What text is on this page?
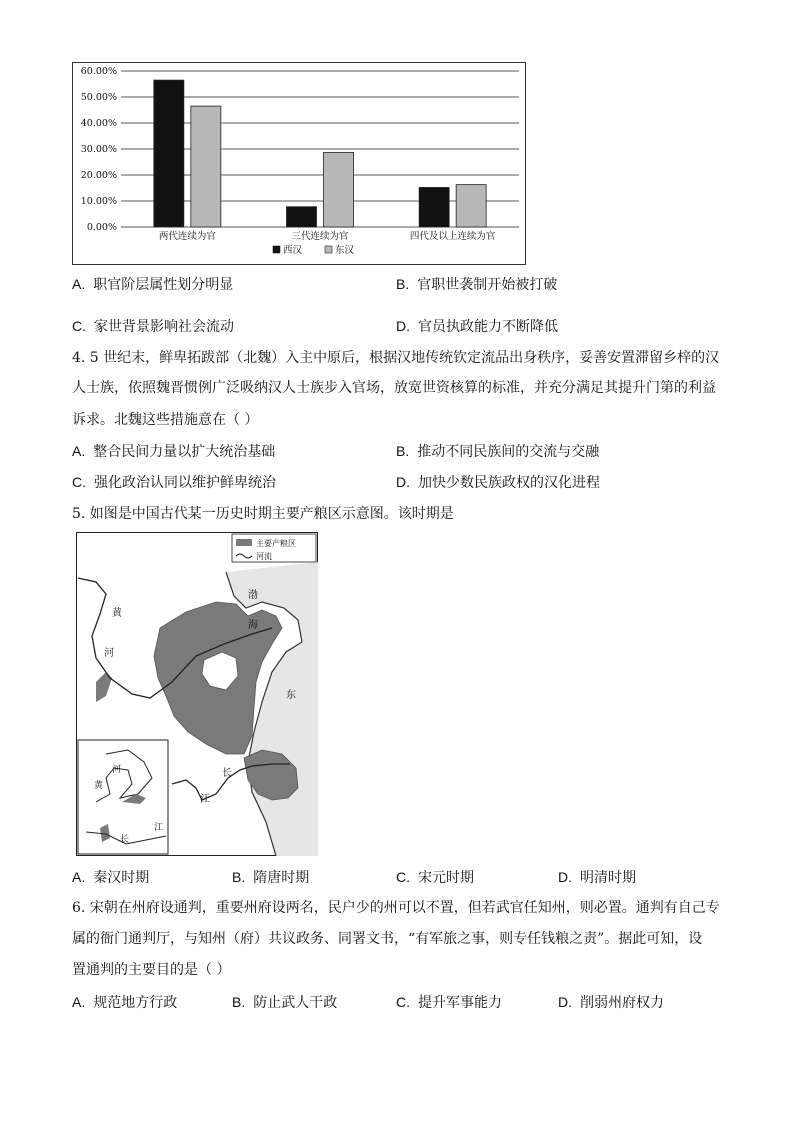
60.00%
50.00%
40.00%
30.00%
20.00%
10.00%
0.00%
两代连续为官	三代连续为官	四代及以上连续为官
西汉	东汉
A. 职官阶层属性划分明显	B. 官职世袭制开始被打破
C. 家世背景影响社会流动	D. 官员执政能力不断降低
4. 5 世纪末，鲜卑拓跋部（北魏）入主中原后，根据汉地传统钦定流品出身秩序，妥善安置滞留乡梓的汉
人士族，依照魏晋惯例广泛吸纳汉人士族步入官场，放宽世资核算的标准，并充分满足其提升门第的利益
诉求。北魏这些措施意在（ ）
A. 整合民间力量以扩大统治基础	B. 推动不同民族间的交流与交融
C. 强化政治认同以维护鲜卑统治	D. 加快少数民族政权的汉化进程
5. 如图是中国古代某一历史时期主要产粮区示意图。该时期是
主要产粮区
河流
渤
海
东
黄
河
长
江
河
黄
长
江
A. 秦汉时期	B. 隋唐时期	C. 宋元时期	D. 明清时期
6. 宋朝在州府设通判，重要州府设两名，民户少的州可以不置，但若武官任知州，则必置。通判有自己专
属的衙门通判厅，与知州（府）共议政务、同署文书，“有军旅之事，则专任钱粮之责”。据此可知，设
置通判的主要目的是（ ）
A. 规范地方行政	B. 防止武人干政	C. 提升军事能力	D. 削弱州府权力
